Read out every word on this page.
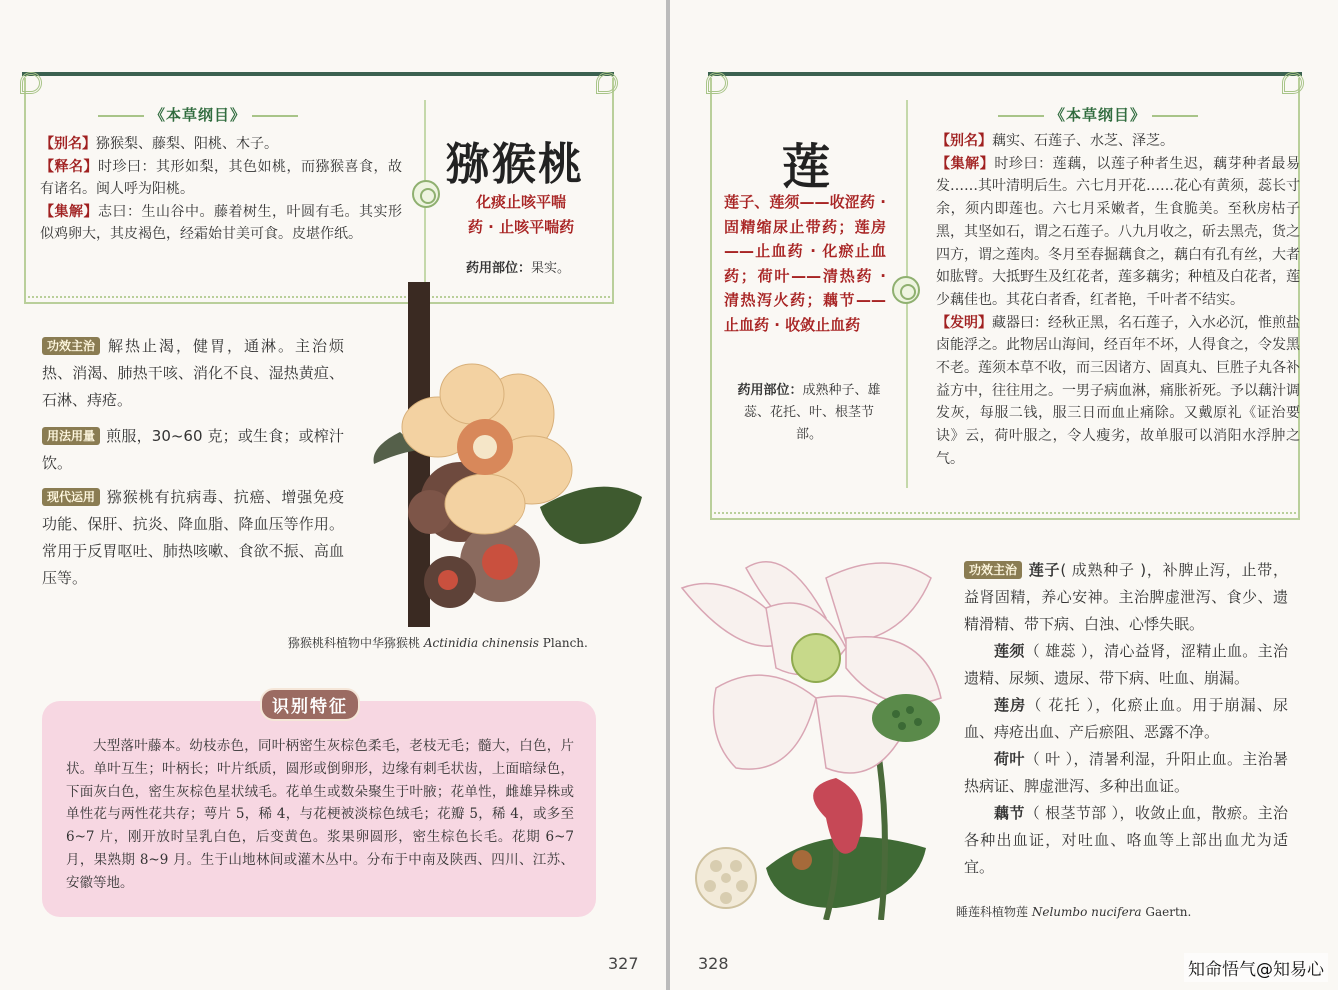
《本草纲目》
【别名】猕猴梨、藤梨、阳桃、木子。
【释名】时珍曰：其形如梨，其色如桃，而猕猴喜食，故有诸名。闽人呼为阳桃。
【集解】志曰：生山谷中。藤着树生，叶圆有毛。其实形似鸡卵大，其皮褐色，经霜始甘美可食。皮堪作纸。
猕猴桃
化痰止咳平喘
药 · 止咳平喘药
药用部位：果实。
功效主治 解热止渴，健胃，通淋。主治烦热、消渴、肺热干咳、消化不良、湿热黄疸、石淋、痔疮。
用法用量 煎服，30~60 克；或生食；或榨汁饮。
现代运用 猕猴桃有抗病毒、抗癌、增强免疫功能、保肝、抗炎、降血脂、降血压等作用。常用于反胃呕吐、肺热咳嗽、食欲不振、高血压等。
猕猴桃科植物中华猕猴桃 Actinidia chinensis Planch.
识别特征
大型落叶藤本。幼枝赤色，同叶柄密生灰棕色柔毛，老枝无毛；髓大，白色，片状。单叶互生；叶柄长；叶片纸质，圆形或倒卵形，边缘有刺毛状齿，上面暗绿色，下面灰白色，密生灰棕色星状绒毛。花单生或数朵聚生于叶腋；花单性，雌雄异株或单性花与两性花共存；萼片 5，稀 4，与花梗被淡棕色绒毛；花瓣 5，稀 4，或多至 6~7 片，刚开放时呈乳白色，后变黄色。浆果卵圆形，密生棕色长毛。花期 6~7 月，果熟期 8~9 月。生于山地林间或灌木丛中。分布于中南及陕西、四川、江苏、安徽等地。
327
《本草纲目》
莲
莲子、莲须——收涩药 · 固精缩尿止带药；莲房——止血药 · 化瘀止血药；荷叶——清热药 · 清热泻火药；藕节——止血药 · 收敛止血药
药用部位：成熟种子、雄蕊、花托、叶、根茎节部。
【别名】藕实、石莲子、水芝、泽芝。
【集解】时珍曰：莲藕，以莲子种者生迟，藕芽种者最易发……其叶清明后生。六七月开花……花心有黄须，蕊长寸余，须内即莲也。六七月采嫩者，生食脆美。至秋房枯子黑，其坚如石，谓之石莲子。八九月收之，斫去黑壳，货之四方，谓之莲肉。冬月至春掘藕食之，藕白有孔有丝，大者如肱臂。大抵野生及红花者，莲多藕劣；种植及白花者，莲少藕佳也。其花白者香，红者艳，千叶者不结实。
【发明】藏器曰：经秋正黑，名石莲子，入水必沉，惟煎盐卤能浮之。此物居山海间，经百年不坏，人得食之，令发黑不老。莲须本草不收，而三因诸方、固真丸、巨胜子丸各补益方中，往往用之。一男子病血淋，痛胀祈死。予以藕汁调发灰，每服二钱，服三日而血止痛除。又戴原礼《证治要诀》云，荷叶服之，令人瘦劣，故单服可以消阳水浮肿之气。
功效主治 莲子( 成熟种子 )，补脾止泻，止带，益肾固精，养心安神。主治脾虚泄泻、食少、遗精滑精、带下病、白浊、心悸失眠。
莲须（ 雄蕊 ），清心益肾，涩精止血。主治遗精、尿频、遗尿、带下病、吐血、崩漏。
莲房（ 花托 ），化瘀止血。用于崩漏、尿血、痔疮出血、产后瘀阻、恶露不净。
荷叶（ 叶 ），清暑利湿，升阳止血。主治暑热病证、脾虚泄泻、多种出血证。
藕节（ 根茎节部 ），收敛止血，散瘀。主治各种出血证，对吐血、咯血等上部出血尤为适宜。
睡莲科植物莲 Nelumbo nucifera Gaertn.
328	知命悟气@知易心
